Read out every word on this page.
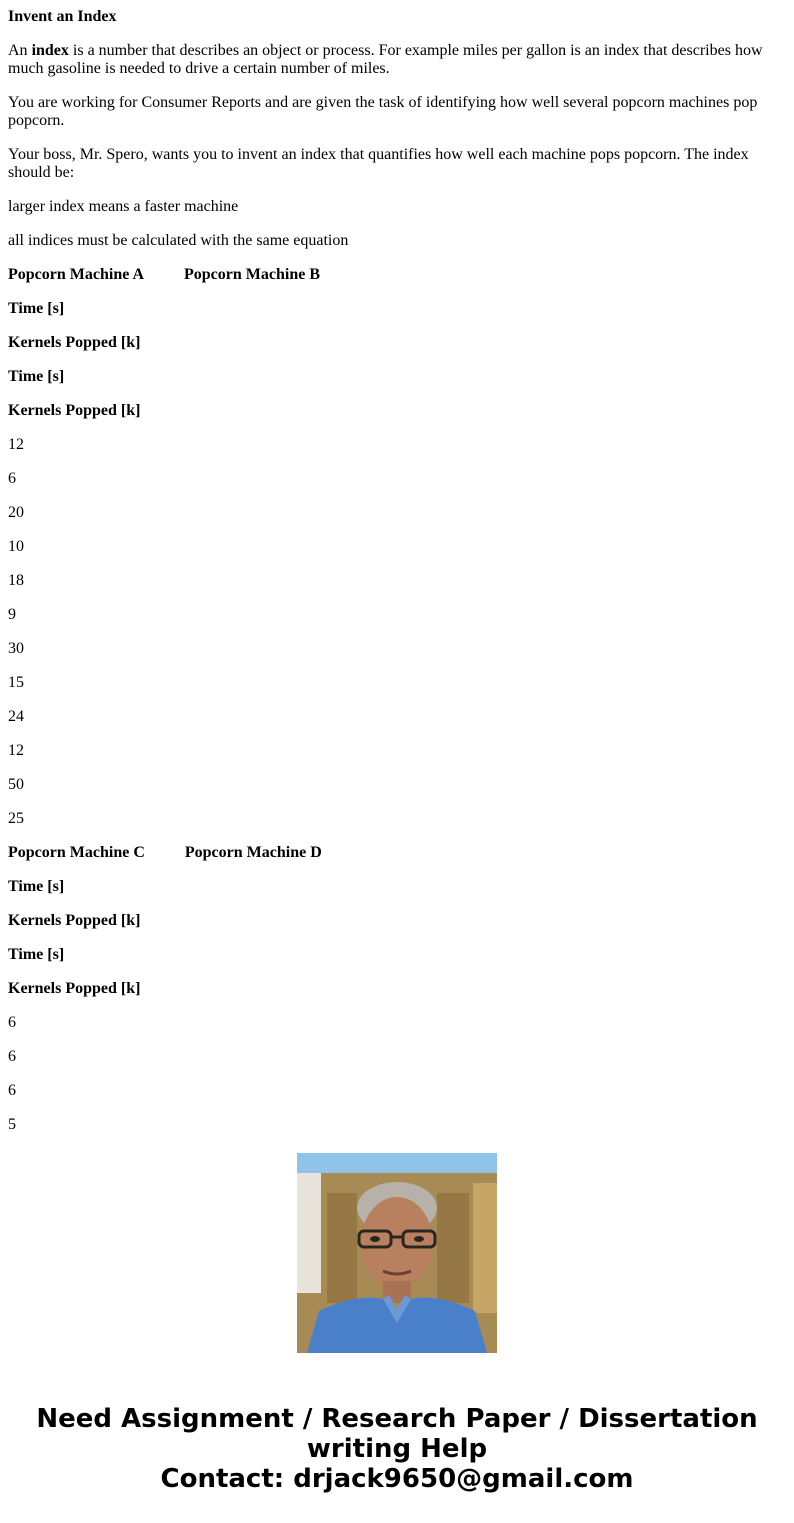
Invent an Index

An index is a number that describes an object or process. For example miles per gallon is an index that describes how much gasoline is needed to drive a certain number of miles.

You are working for Consumer Reports and are given the task of identifying how well several popcorn machines pop popcorn.

Your boss, Mr. Spero, wants you to invent an index that quantifies how well each machine pops popcorn. The index should be:

larger index means a faster machine

all indices must be calculated with the same equation

Popcorn Machine A	Popcorn Machine B

Time [s]

Kernels Popped [k]

Time [s]

Kernels Popped [k]

12

6

20

10

18

9

30

15

24

12

50

25

Popcorn Machine C	Popcorn Machine D

Time [s]

Kernels Popped [k]

Time [s]

Kernels Popped [k]

6

6

6

5

Need Assignment / Research Paper / Dissertation
writing Help
Contact: drjack9650@gmail.com
